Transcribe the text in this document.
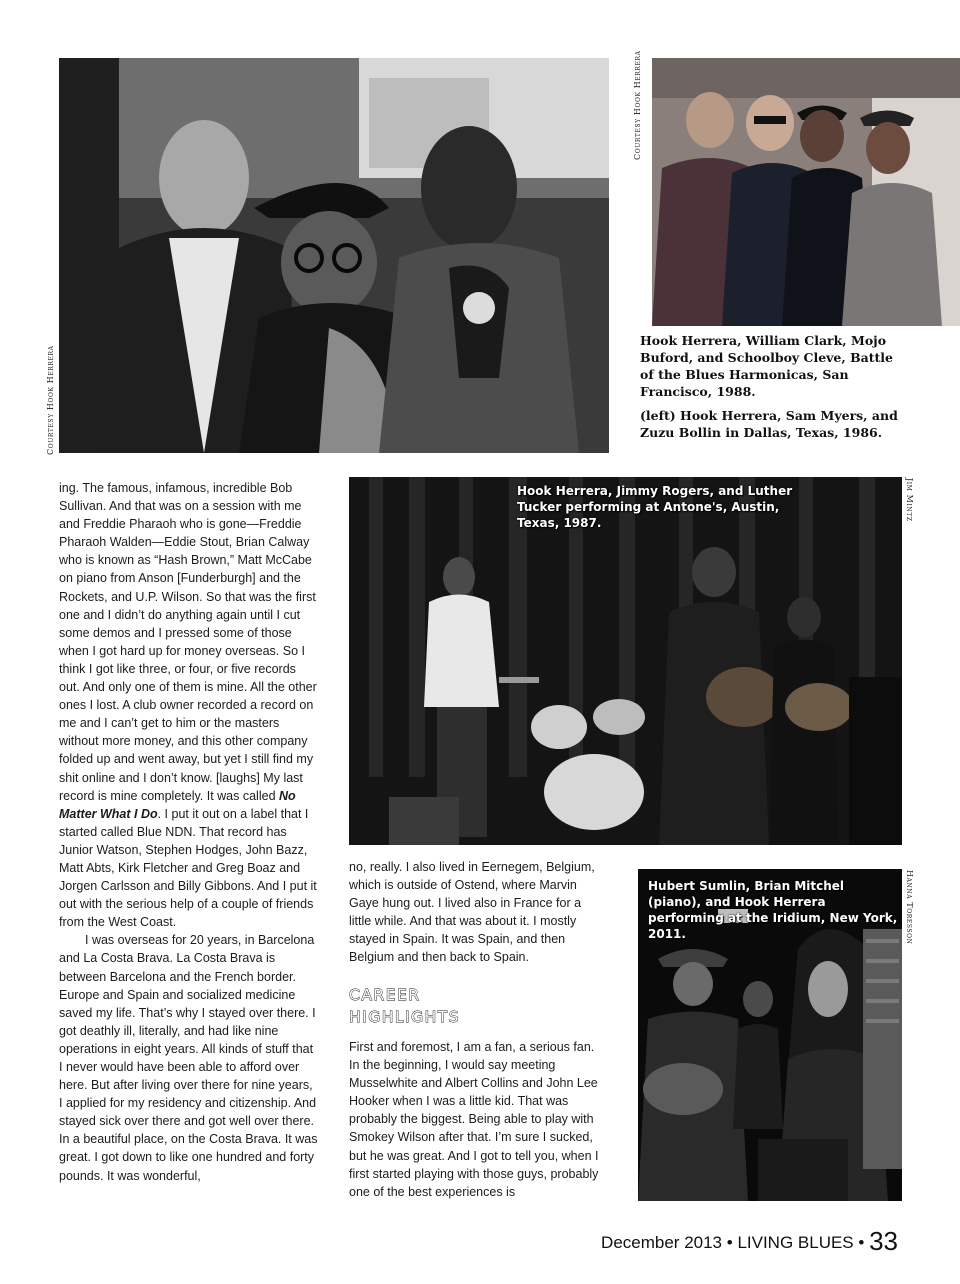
Courtesy Hook Herrera
Courtesy Hook Herrera

Hook Herrera, William Clark, Mojo Buford, and Schoolboy Cleve, Battle of the Blues Harmonicas, San Francisco, 1988.

(left) Hook Herrera, Sam Myers, and Zuzu Bollin in Dallas, Texas, 1986.

Hook Herrera, Jimmy Rogers, and Luther Tucker performing at Antone's, Austin, Texas, 1987.
Jim Mintz
Hubert Sumlin, Brian Mitchel (piano), and Hook Herrera performing at the Iridium, New York, 2011.	Hanna Toresson

ing. The famous, infamous, incredible Bob Sullivan. And that was on a session with me and Freddie Pharaoh who is gone—Freddie Pharaoh Walden—Eddie Stout, Brian Calway who is known as “Hash Brown,” Matt McCabe on piano from Anson [Funderburgh] and the Rockets, and U.P. Wilson. So that was the first one and I didn’t do anything again until I cut some demos and I pressed some of those when I got hard up for money overseas. So I think I got like three, or four, or five records out. And only one of them is mine. All the other ones I lost. A club owner recorded a record on me and I can’t get to him or the masters without more money, and this other company folded up and went away, but yet I still find my shit online and I don’t know. [laughs] My last record is mine completely. It was called No Matter What I Do. I put it out on a label that I started called Blue NDN. That record has Junior Watson, Stephen Hodges, John Bazz, Matt Abts, Kirk Fletcher and Greg Boaz and Jorgen Carlsson and Billy Gibbons. And I put it out with the serious help of a couple of friends from the West Coast.

I was overseas for 20 years, in Barcelona and La Costa Brava. La Costa Brava is between Barcelona and the French border. Europe and Spain and socialized medicine saved my life. That’s why I stayed over there. I got deathly ill, literally, and had like nine operations in eight years. All kinds of stuff that I never would have been able to afford over here. But after living over there for nine years, I applied for my residency and citizenship. And stayed sick over there and got well over there. In a beautiful place, on the Costa Brava. It was great. I got down to like one hundred and forty pounds. It was wonderful,

no, really. I also lived in Eernegem, Belgium, which is outside of Ostend, where Marvin Gaye hung out. I lived also in France for a little while. And that was about it. I mostly stayed in Spain. It was Spain, and then Belgium and then back to Spain.

CAREER
HIGHLIGHTS

First and foremost, I am a fan, a serious fan. In the beginning, I would say meeting Musselwhite and Albert Collins and John Lee Hooker when I was a little kid. That was probably the biggest. Being able to play with Smokey Wilson after that. I’m sure I sucked, but he was great. And I got to tell you, when I first started playing with those guys, probably one of the best experiences is

December 2013 • LIVING BLUES • 33
